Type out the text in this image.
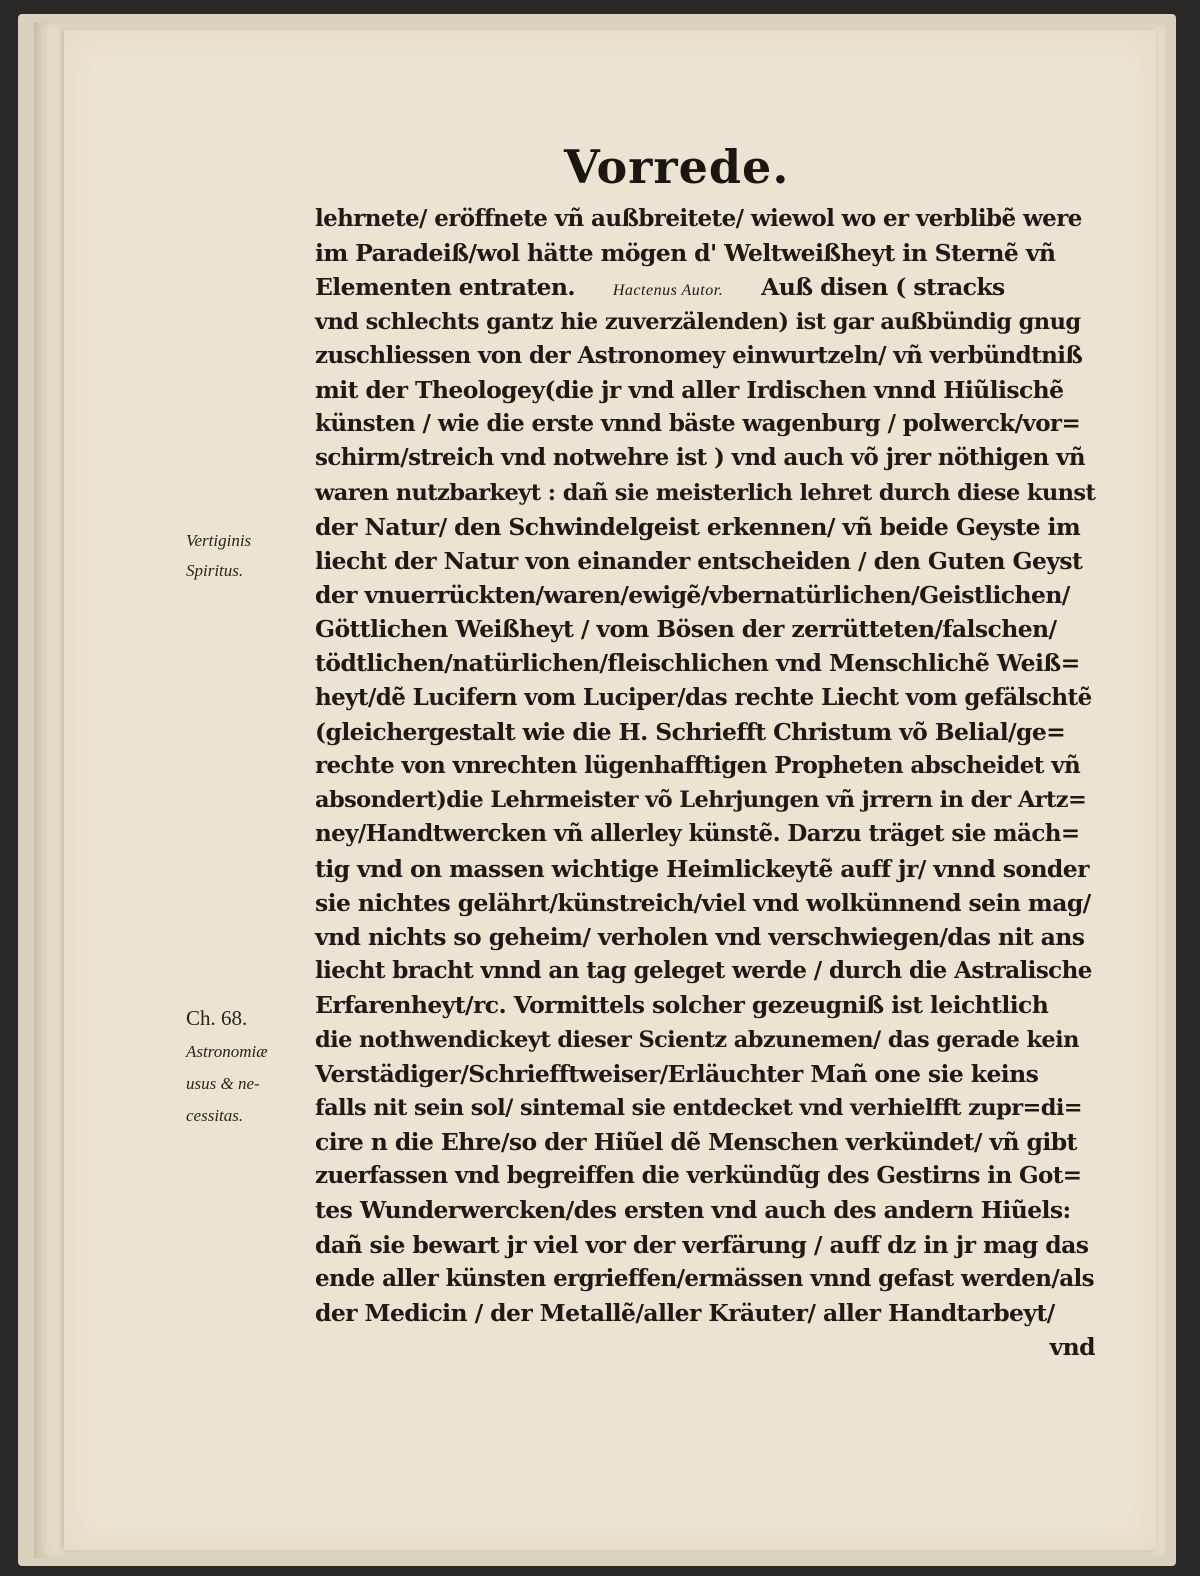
Vorrede.
lehrnete/ eröffnete vñ außbreitete/ wiewol wo er verblibẽ were
im Paradeiß/wol hätte mögen d' Weltweißheyt in Sternẽ vñ
Elementen entraten. Hactenus Autor. Auß disen ( stracks
vnd schlechts gantz hie zuverzälenden) ist gar außbündig gnug
zuschliessen von der Astronomey einwurtzeln/ vñ verbündtniß
mit der Theologey(die jr vnd aller Irdischen vnnd Hiũlischẽ
künsten / wie die erste vnnd bäste wagenburg / polwerck/vor=
schirm/streich vnd notwehre ist ) vnd auch võ jrer nöthigen vñ
waren nutzbarkeyt : dañ sie meisterlich lehret durch diese kunst
der Natur/ den Schwindelgeist erkennen/ vñ beide Geyste im
liecht der Natur von einander entscheiden / den Guten Geyst
der vnuerrückten/waren/ewigẽ/vbernatürlichen/Geistlichen/
Göttlichen Weißheyt / vom Bösen der zerrütteten/falschen/
tödtlichen/natürlichen/fleischlichen vnd Menschlichẽ Weiß=
heyt/dẽ Lucifern vom Luciper/das rechte Liecht vom gefälschtẽ
(gleichergestalt wie die H. Schriefft Christum võ Belial/ge=
rechte von vnrechten lügenhafftigen Propheten abscheidet vñ
absondert)die Lehrmeister võ Lehrjungen vñ jrrern in der Artz=
ney/Handtwercken vñ allerley künstẽ. Darzu träget sie mäch=
tig vnd on massen wichtige Heimlickeytẽ auff jr/ vnnd sonder
sie nichtes gelährt/künstreich/viel vnd wolkünnend sein mag/
vnd nichts so geheim/ verholen vnd verschwiegen/das nit ans
liecht bracht vnnd an tag geleget werde / durch die Astralische
Erfarenheyt/rc. Vormittels solcher gezeugniß ist leichtlich
die nothwendickeyt dieser Scientz abzunemen/ das gerade kein
Verstädiger/Schriefftweiser/Erläuchter Mañ one sie keins
falls nit sein sol/ sintemal sie entdecket vnd verhielfft zupr=di=
cire n die Ehre/so der Hiũel dẽ Menschen verkündet/ vñ gibt
zuerfassen vnd begreiffen die verkündũg des Gestirns in Got=
tes Wunderwercken/des ersten vnd auch des andern Hiũels:
dañ sie bewart jr viel vor der verfärung / auff dz in jr mag das
ende aller künsten ergrieffen/ermässen vnnd gefast werden/als
der Medicin / der Metallẽ/aller Kräuter/ aller Handtarbeyt/
vnd
Vertiginis
Spiritus.
Ch. 68.
Astronomiæ
usus & ne-
cessitas.
